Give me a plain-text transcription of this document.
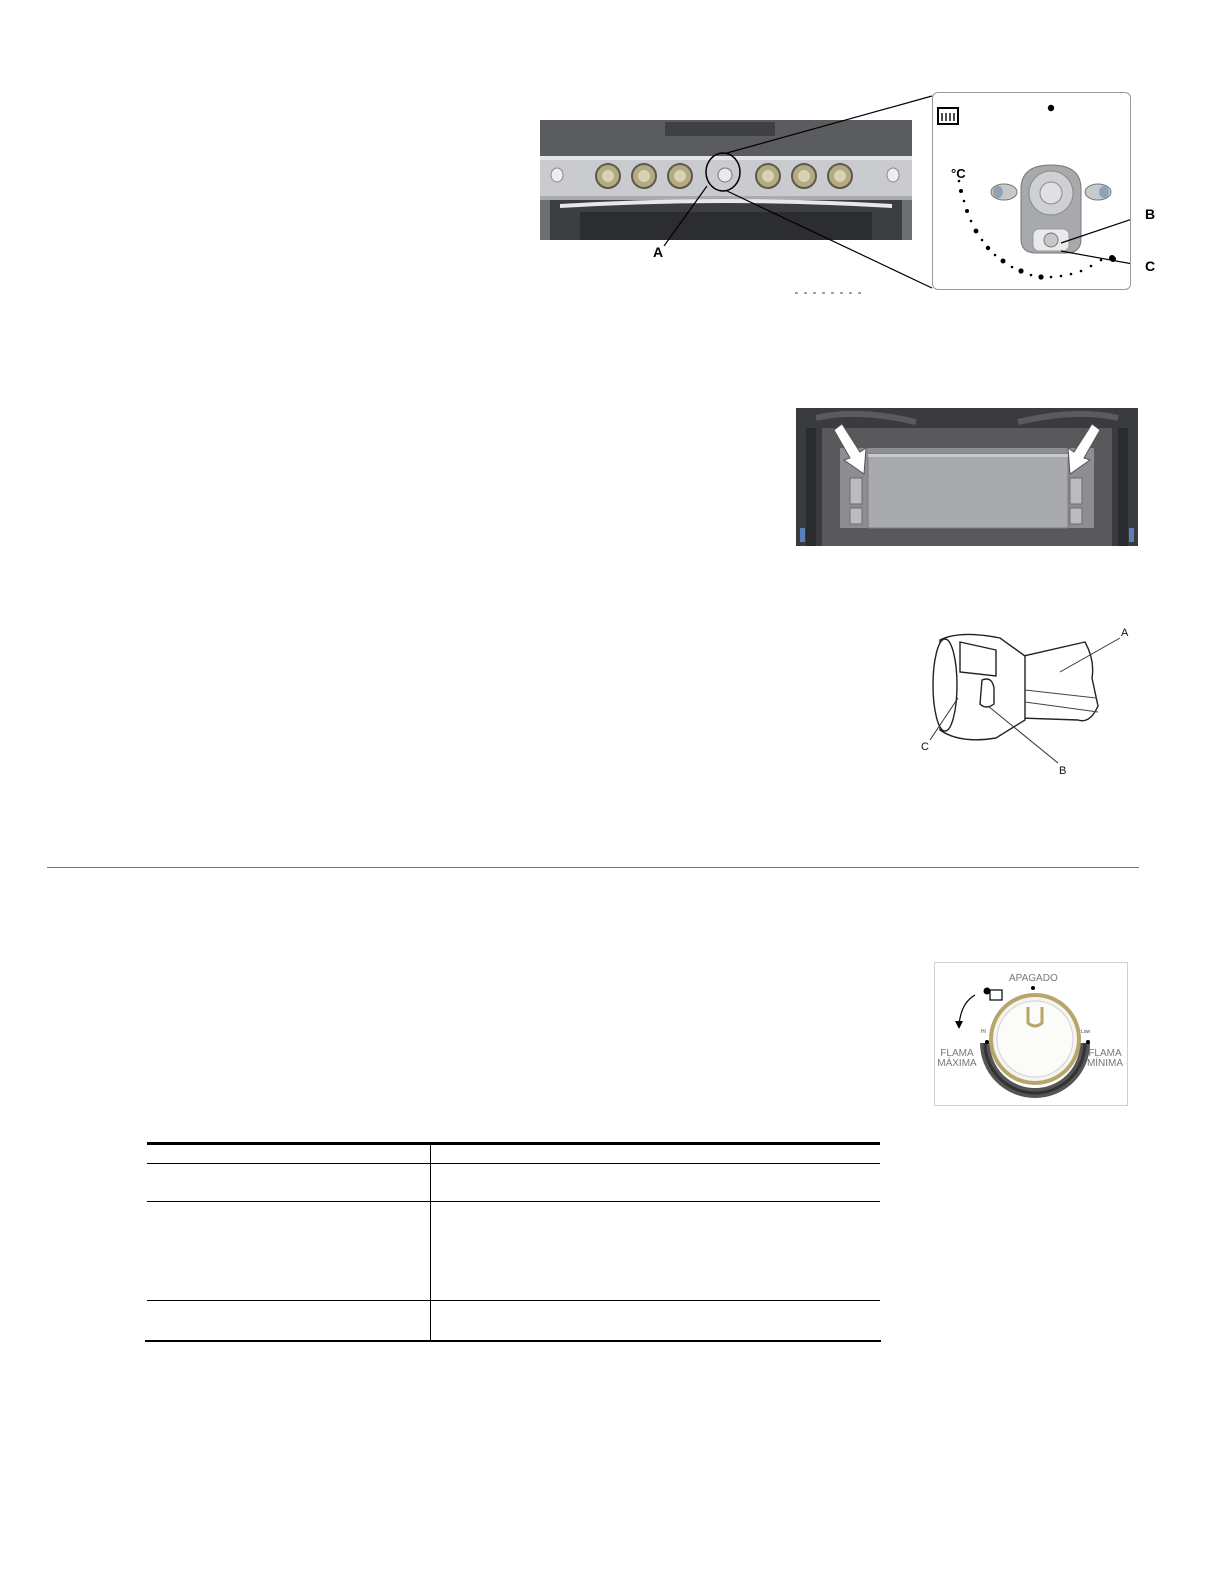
A
°C
B
C
A
C
B
APAGADO
FLAMA
MÁXIMA
FLAMA
MÍNIMA
Hi	Low
